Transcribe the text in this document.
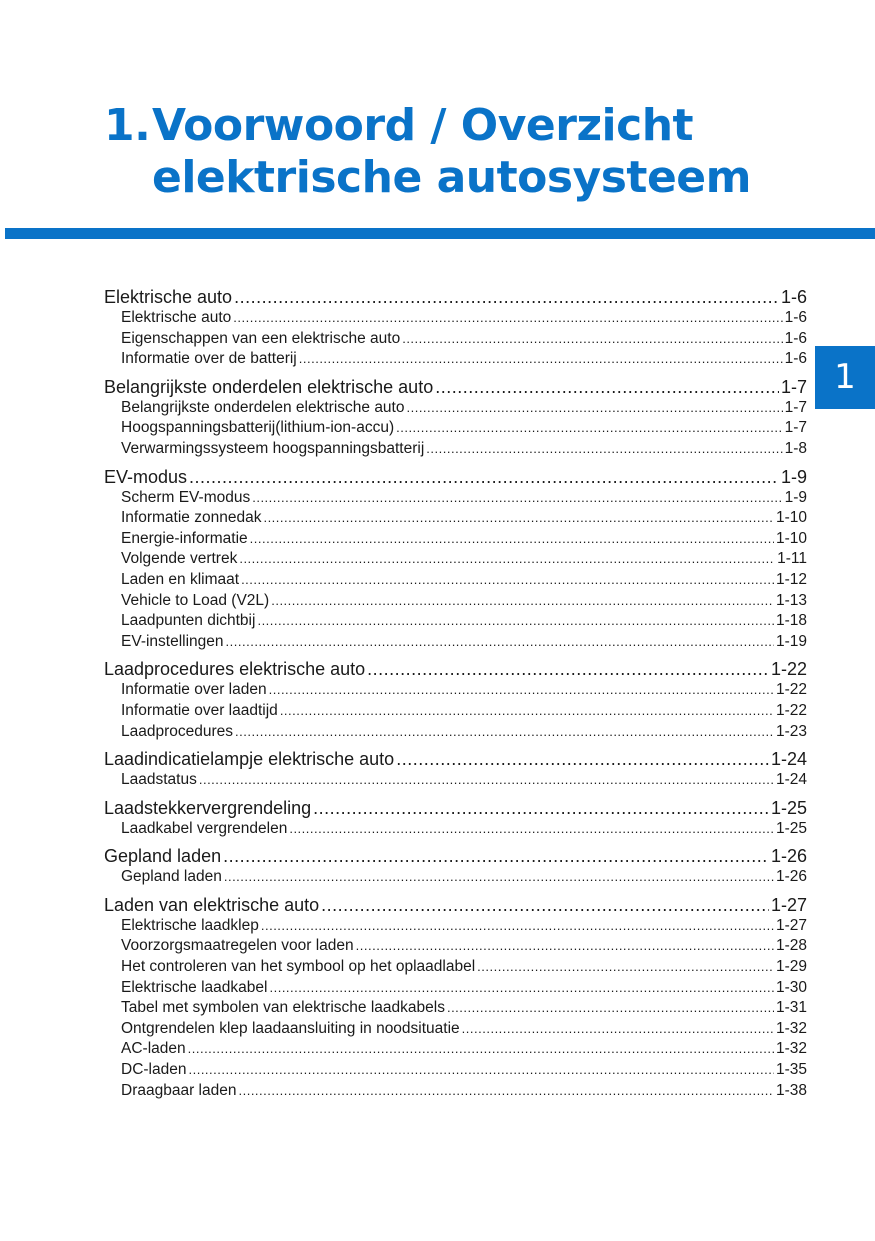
1. Voorwoord / Overzicht
elektrische autosysteem
1
Elektrische auto .....	1-6
Elektrische auto .....	1-6
Eigenschappen van een elektrische auto .....	1-6
Informatie over de batterij .....	1-6
Belangrijkste onderdelen elektrische auto .....	1-7
Belangrijkste onderdelen elektrische auto .....	1-7
Hoogspanningsbatterij(lithium-ion-accu) .....	1-7
Verwarmingssysteem hoogspanningsbatterij .....	1-8
EV-modus .....	1-9
Scherm EV-modus .....	1-9
Informatie zonnedak .....	1-10
Energie-informatie .....	1-10
Volgende vertrek .....	1-11
Laden en klimaat .....	1-12
Vehicle to Load (V2L) .....	1-13
Laadpunten dichtbij .....	1-18
EV-instellingen .....	1-19
Laadprocedures elektrische auto .....	1-22
Informatie over laden .....	1-22
Informatie over laadtijd .....	1-22
Laadprocedures .....	1-23
Laadindicatielampje elektrische auto .....	1-24
Laadstatus .....	1-24
Laadstekkervergrendeling .....	1-25
Laadkabel vergrendelen .....	1-25
Gepland laden .....	1-26
Gepland laden .....	1-26
Laden van elektrische auto .....	1-27
Elektrische laadklep .....	1-27
Voorzorgsmaatregelen voor laden .....	1-28
Het controleren van het symbool op het oplaadlabel .....	1-29
Elektrische laadkabel .....	1-30
Tabel met symbolen van elektrische laadkabels .....	1-31
Ontgrendelen klep laadaansluiting in noodsituatie .....	1-32
AC-laden .....	1-32
DC-laden .....	1-35
Draagbaar laden .....	1-38
